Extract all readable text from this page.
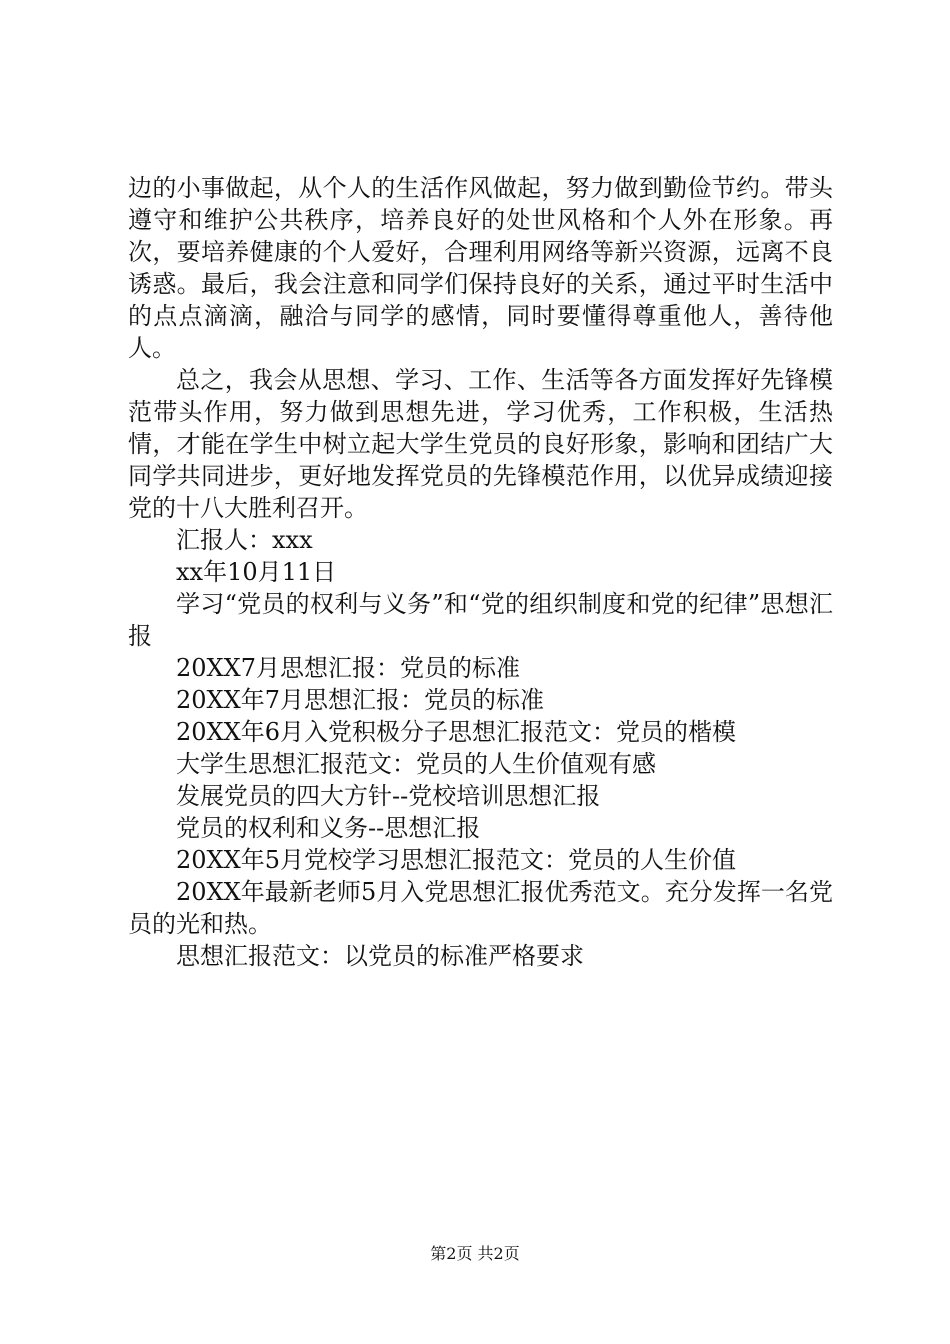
边的小事做起，从个人的生活作风做起，努力做到勤俭节约。带头遵守和维护公共秩序，培养良好的处世风格和个人外在形象。再次，要培养健康的个人爱好，合理利用网络等新兴资源，远离不良诱惑。最后，我会注意和同学们保持良好的关系，通过平时生活中的点点滴滴，融洽与同学的感情，同时要懂得尊重他人，善待他人。

总之，我会从思想、学习、工作、生活等各方面发挥好先锋模范带头作用，努力做到思想先进，学习优秀，工作积极，生活热情，才能在学生中树立起大学生党员的良好形象，影响和团结广大同学共同进步，更好地发挥党员的先锋模范作用，以优异成绩迎接党的十八大胜利召开。

汇报人：xxx

xx年10月11日

学习“党员的权利与义务”和“党的组织制度和党的纪律”思想汇报

20XX7月思想汇报：党员的标准

20XX年7月思想汇报：党员的标准

20XX年6月入党积极分子思想汇报范文：党员的楷模

大学生思想汇报范文：党员的人生价值观有感

发展党员的四大方针--党校培训思想汇报

党员的权利和义务--思想汇报

20XX年5月党校学习思想汇报范文：党员的人生价值

20XX年最新老师5月入党思想汇报优秀范文。充分发挥一名党员的光和热。

思想汇报范文：以党员的标准严格要求

第2页 共2页
